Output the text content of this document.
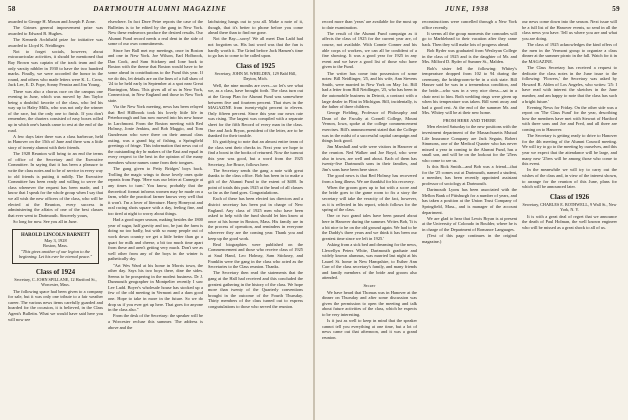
58	DARTMOUTH ALUMNI MAGAZINE	JUNE, 1938	59

awarded to George H. Moson and Joseph P. Zone.

The Grimes general improvement prize was awarded to Edward B. Hughes.

The Kenneth Archibald prize for initiative was awarded to Lloyd K. Neidlinger.

Not to forget socials, however, about extracurricular activities, it should be mentioned that Ray Brown was captain of the track team and the only varsity nibbler in 1930 to have the two hundred marks. Finally, we were accorded the honor in the round, and others who made letters were K. L. Cross, Jack Lee, E. D. Pope, Sonny Fenstra and Jim Young.

There was also a chorus race on the campus one evening in June, which was moved by Jim Taylor being a doubtful favorite of the class, who led his way up to Haley Mills, who was not only the winner of the race, but the only one to finish. If you don't remember, the charters consisted of easy boxes rolled up in which one's hands came to rest at the end of the road.

A few days later there was a class barbecue, held in Hanover on the 15th of June and there was a little story of twenty alumni with their friends.

The 1928 Reunion will bring to an end the terms of office of the Secretary and the Executive Committee. In saying that it has been a pleasure to write the class notes and to be of service in every way to old friends is putting it mildly. The Executive Committee has been ready and willing to serve the class whenever the request has been made, and I know that I speak for the whole group when I say that we all wish the new officers of the class, who will be elected at the Reunion, every success in administering the affairs of one of the best classes that ever went to Dartmouth. Sincerely yours,

So long for now. See you all in June.

HAROLD LINCOLN BARNETT
May 3, 1928
Boston, Mass.
"This gives another of our legion to the beginning. Let his ever be eternal peace."
Class of 1924
Secretary, C. JOHN SPILLANE, 12 Hartford St., Worcester, Mass.

The following space had been given to a company for sale, but it was only one tribute to a fair weather career. The various news items carefully guarded and hoarded for the occasion, it is believed, in the Class Agent's Bulletin. What we would have said here you will now see

elsewhere. In fact Dave Petre reports the case of the Bulletins is to be edited by the gang in New York. New these endeavors produce the desired results. Our Alumni Fund record needs a real dent in the side of some of our own commitments.

Since her Ball met my meetings, once in Boston and one in New York. Joe Wilson, Earl Holbrook, Dan Cook, and Sam Stickney and Ione back to Boston with the theme that Boston would have to be some ahead in contributions to the Fund this year. If we do this, let details are on the lines of a full shaw of '24 to be held early in September at a spot near Great Barrington, Mass. This gives all of us in New York, Connecticut, in New England and those in New York state.

Via the New York meeting, news has been relayed that Red Hillbrook took his lovely little life in Peterborough and has now moved into his new house in Larchmont. From the Boston meeting with Red Holmsy, Jonie Jenkins, and Bob Maggio, and Tom Gunderson who were there on their annual class outing, was a grand big of fishing, a Springfield greetings of fringe. This information that news out of the outstanding dry hr makers of the East and equal in every respect to the best in the opinion of the many members whose names came from their tongues.

The gang given to Petty Bridges' boys back. Trolling the magic wings to those lovely ones quite repeats from Papp. 'Here was our letter at Carnegie at any times to turn.' You know, probably that the theoretical format informs women may be made on a farm, while the practical farmer knows very well that it won't. I'm a lover of literature. Harry Honeycut and oral racing shots square with a day, feeling fine, and too tired at night to worry about things.

Had a good super season, making besides the 1800 year of sugar, half gravity and too, he just the farm is doing no too badly, but with so many people out of work down country we get a little better than go a quart for milk and cheese, a bit too much time apart from these and aren't getting very much. Don't see as well other from any of the boys in the winter is pathetically dry.

"Art Wes Ward at his home in Morris town, the other day. Says his two boys there, dine the sides. Seems to be prospering in the modest business. Dr J. Dunmouth geographer in Montpelier recently I saw Lee Ladd. Boyer's wholesale house has stocked up a few of the old meeting in Vermont and a darn good one. Hope to take in more in the future. So we do drop us if you ever get up here. That goes for anyone in the class also."

From the desk of the Secretary: the speaker will be a Worcester recluse this summer. The address is above and the

latchstring hangs out to you all. Make a note of it, though, that it's better to phone before you come ahead there than to find me gone.

Not the Bay—sorry! We all meet Dan Ladd had not forgotten us. His last word was that the fun is hardly worth it. The Grind before Jack Hansen's time to go has to come to be called upon.

Class of 1925
Secretary, JOHN M. WHELDEN, 129 Bald Hill, Dayton, Mich.

Well, the nine months are over—so let's see what we, as a class, have brought forth. The class turn out at the Group Plan for Alumni Fund was somewhere between five and fourteen percent. That rises in the MAGAZINE from twenty-eight percent to eleven. Only fifteen percent. Since this year our news rate was rising. The largest was compiled with a separate sheet for the fifth Record of every man in the class. One and Jack Bryon, president of the letter, are to be thanked for their trouble.

It's gratifying to note that an almost entire team of the class sent their checks in. Next year we hope to find a boost in the books of returned. Now the turnout this year was good, but a word from the 1925 Secretary, Joe Bruce, follows here.

The Secretary sends the gang a note with great thanks to the class office. Bob has been in to make a gift of the Alumni Fund to the extent of $400. In point of totals this puts 1925 at the head of all classes so far as the fund goes. Congratulations.

Each of these has been elected tax directors and a district secretary has been put in charge of New England. Any class of 1925 men who have been asked to help with the fund should let him know at once at his home in Boston, Mass. His family are in the process of operation, and reminders in everyone wherever they are the coming year. Thank you and keep up the good work.

Real biographies were published on the Commencement and those who receive class of 1925 at Saul Hand, Leo Holmsy, Sam Stickney, and Franklin were the gang in the class who acted as the Secretaries to the Class reunion. Thanks.

The Secretary then read the statements that the gang at the Hall had received and this concluded the greatest gathering in the history of the class. We hope more than twenty of the Quarterly conventions brought in the outcome of the Fourth Thursday. Thirty members of the class turned out to express congratulations to those who served the reunion.

record more than 'years' are available for the most up to date examination.

The result of the Alumni Fund campaign as it affects the class of 1925 for the current year are, of course, not available. With Connie Conner and his able corps of workers, we can all be confident of a fine showing. It was a good year for 1925 in any event and we have a good list of those who have given to the Fund.

The writer has come into possession of some notes: Bill Neidlinger, '25, and his wife, Ann Stevens Smith, were married in New York on May 1st. Bill had a letter from Bill Neidlinger, '25, who has been in the automobile business in Detroit, a contract with a large dealer in Flint in Michigan. Bill, incidentally, is the father of three children.

George Fielding, Professor of Philosophy and Dean of the Faculty at Cornell College, Mount Vernon, Iowa, spoke at the college commencement exercises. Bill's announcement stated that the College was in the midst of a successful capital campaign and things look good.

Jim Marshall and wife were visitors in Hanover at the reunion. Ned Walker and Joe Boyd, who were also in town, are well and about. Each of them has twenty-five Dartmouth sons in their families, and Jim's sons have been here since.

The good news is that Red Holmsy has recovered from a long illness. We are thankful for his recovery.

When the groom goes up to bat with a score and the bride goes to the game room to fix a story the secretary will take the veracity of the fact, however, as it is reflected in his report, which follows for the spring of the class.

One or two grand tales have been passed about here in Hanover during the summer. Writes Bob, 'It is a bit nice to be on the old ground again. We had to be the Daddy's three years and we think it has been our greatest time since we left in 1925.'

Asking from a sick bed and dreaming for the news, Llewellyn Peters White, Dartmouth graduate and widely known alumnus, was married last night at his Laurel St. home in New Hampshire, to Esther Ann Carr of the class secretary's family, and many friends and family members of the bride and groom also attended.

Secret

We have heard that Thomas was in Hanover at the dinner on Thursday and after some discussion was given the permission to open the meeting and talk about future activities of the class, which he expects to be very interesting.

Is it just as well to keep in mind that the speaker cannot tell you everything at one time, but a lot of news came out that afternoon, and it was a grand reunion.

reconstructions were cancelled through a New York office recently.

It seems all the group moments the comrades will go to Marblehead to their vacation after they came back. Then they will make lots of progress ahead.

Bob Ryder was graduated from Wesleyan College in the class of 1925 and is the daughter of Mr. and Mrs. Milford D. Ryder of Sumner St., Malden.

Bob's sister fell the following: Whitey's temperature dropped from 102 to 94 during the ceremony, the bridegroom-to-be in a sick state. Bill Hauser said he was in a tremendous condition, and the bride—who was in a very nice dress—sat in a chair next to him. Both wedding rings were given up when his temperature was taken. Bill went away and had a good rest. At the end of the summer Mr. and Mrs. Whitey will be at their new home.

FROM HERE AND THERE

Men elected Saturday to the new positions with the investment department of the Massachusetts Mutual Life Insurance Company are Jack Seguin, Robert Simmons, one of the Medical Quarter who has never missed a year in coming to the Alumni Fund, has a small son, and will be on the lookout for the '25ers who come to see us.

Is this Rick Smith—and Bob was a friend—that for the '25 comes out at Dartmouth, named a student, a member, has been recently appointed assistant professor of sociology at Dartmouth.

Dartmouth Lyons has been associated with the Mellon Bank of Pittsburgh for a number of years, and has taken a position at the Union Trust Company of Springfield, Mass., and is manager of the account department.

We are glad to hear that Lewis Bryan is at present at the University of Colorado in Boulder, where he is in charge of the Department of Romance Languages.

(Text of this page continues in the original magazine.)

our news come down into the season. Next issue will be a full list of the Hanover events, so send in all the class news you have. Tell us where you are and what you are doing.

The class of 1925 acknowledges the kind offers of the men in the Vermont group to organize a class dinner at the summer picnic in the fall. Watch for it in the MAGAZINE.

The Class Secretary has received a request to dedicate the class notes in the June issue to the following: 'Flowers,' the Secretary was asked by Howard R. Alden of Los Angeles, who writes: '25: I have read with interest the sketches in the June number, and am happy to note that the class has such a bright future.'

Evening News for Friday. On the other side was a report on 'The Class Fund' for the year, describing how the members have met with Stewart of Hartford with three sons and Joe and Fred, and all three are coming on to Hanover.

The Secretary is getting ready to drive to Hanover for the 4th meeting of the Alumni Council meeting. We will try to go to the meeting by ourselves, and this year we expect that the attendance will be large, and many new '25ers will be among those who come to this event.

In the meanwhile we will try to carry out the wishes of the class and, in view of the interest shown, to arrange for the reunion of this June, plans for which will be announced later.

Class of 1926
Secretary, CHARLES E. BOTHWELL, 9 Wall St., New York, N. Y.

It is with a great deal of regret that we announce the death of Paul Holman, the well known engineer who will be missed as a great shock to all of us.
